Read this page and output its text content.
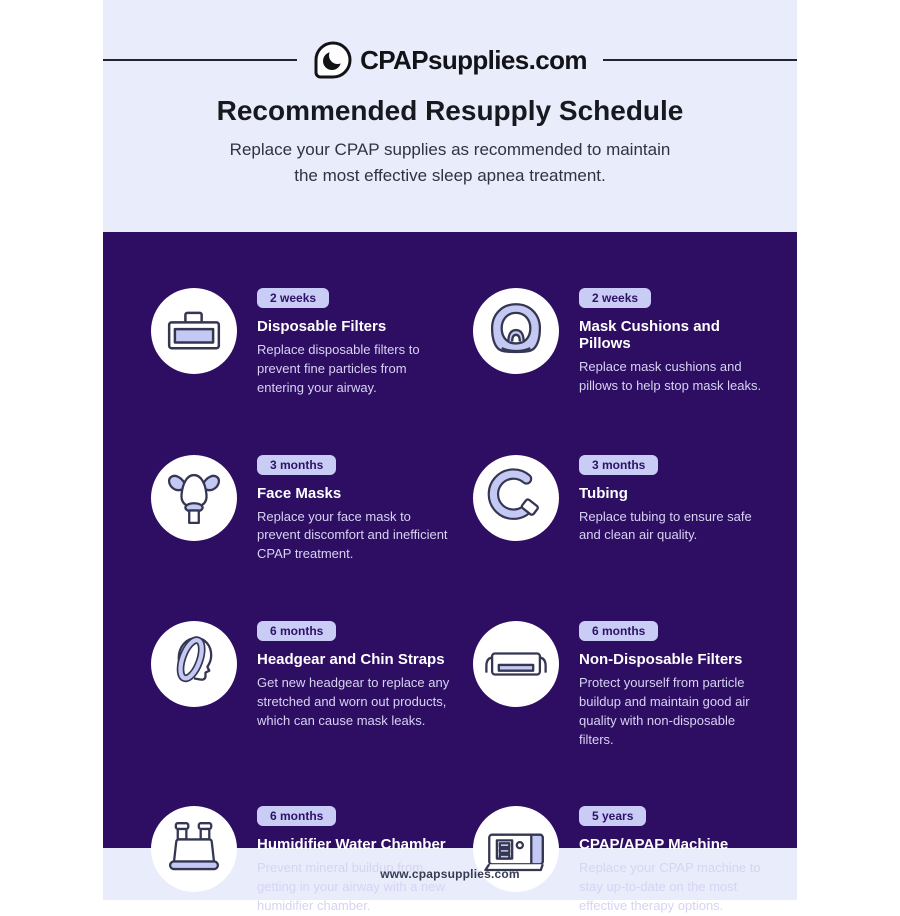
CPAPsupplies.com
Recommended Resupply Schedule

Replace your CPAP supplies as recommended to maintain
the most effective sleep apnea treatment.

2 weeks
Disposable Filters

Replace disposable filters to prevent fine particles from entering your airway.

2 weeks
Mask Cushions and Pillows

Replace mask cushions and pillows to help stop mask leaks.

3 months
Face Masks

Replace your face mask to prevent discomfort and inefficient CPAP treatment.

3 months
Tubing

Replace tubing to ensure safe and clean air quality.

6 months
Headgear and Chin Straps

Get new headgear to replace any stretched and worn out products, which can cause mask leaks.

6 months
Non-Disposable Filters

Protect yourself from particle buildup and maintain good air quality with non-disposable filters.

6 months
Humidifier Water Chamber

Prevent mineral buildup from getting in your airway with a new humidifier chamber.

5 years
CPAP/APAP Machine

Replace your CPAP machine to stay up-to-date on the most effective therapy options.

www.cpapsupplies.com
